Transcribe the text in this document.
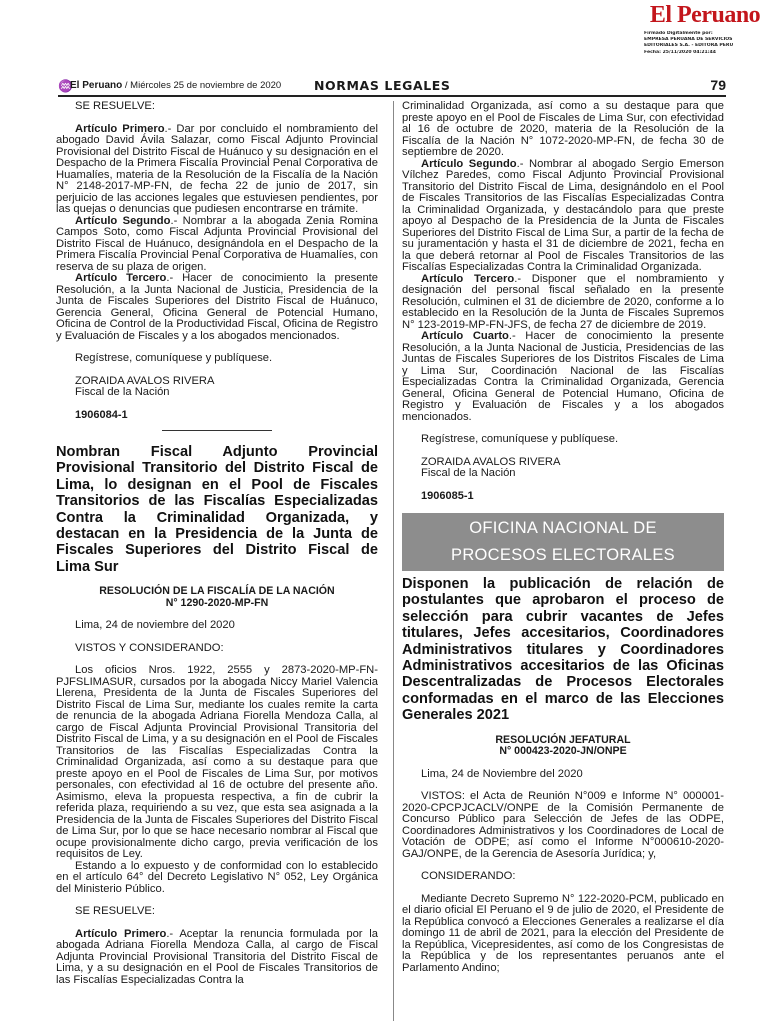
El Peruano
Firmado Digitalmente por:
EMPRESA PERUANA DE SERVICIOS
EDITORIALES S.A. - EDITORA PERU
Fecha: 25/11/2020 04:21:44
♒
El Peruano / Miércoles 25 de noviembre de 2020	NORMAS LEGALES	79

SE RESUELVE:

Artículo Primero.- Dar por concluido el nombramiento del abogado David Ávila Salazar, como Fiscal Adjunto Provincial Provisional del Distrito Fiscal de Huánuco y su designación en el Despacho de la Primera Fiscalía Provincial Penal Corporativa de Huamalíes, materia de la Resolución de la Fiscalía de la Nación N° 2148-2017-MP-FN, de fecha 22 de junio de 2017, sin perjuicio de las acciones legales que estuviesen pendientes, por las quejas o denuncias que pudiesen encontrarse en trámite.

Artículo Segundo.- Nombrar a la abogada Zenia Romina Campos Soto, como Fiscal Adjunta Provincial Provisional del Distrito Fiscal de Huánuco, designándola en el Despacho de la Primera Fiscalía Provincial Penal Corporativa de Huamalíes, con reserva de su plaza de origen.

Artículo Tercero.- Hacer de conocimiento la presente Resolución, a la Junta Nacional de Justicia, Presidencia de la Junta de Fiscales Superiores del Distrito Fiscal de Huánuco, Gerencia General, Oficina General de Potencial Humano, Oficina de Control de la Productividad Fiscal, Oficina de Registro y Evaluación de Fiscales y a los abogados mencionados.

Regístrese, comuníquese y publíquese.

ZORAIDA AVALOS RIVERA

Fiscal de la Nación

1906084-1

Nombran Fiscal Adjunto Provincial Provisional Transitorio del Distrito Fiscal de Lima, lo designan en el Pool de Fiscales Transitorios de las Fiscalías Especializadas Contra la Criminalidad Organizada, y destacan en la Presidencia de la Junta de Fiscales Superiores del Distrito Fiscal de Lima Sur

RESOLUCIÓN DE LA FISCALÍA DE LA NACIÓN

N° 1290-2020-MP-FN

Lima, 24 de noviembre del 2020

VISTOS Y CONSIDERANDO:

Los oficios Nros. 1922, 2555 y 2873-2020-MP-FN-PJFSLIMASUR, cursados por la abogada Niccy Mariel Valencia Llerena, Presidenta de la Junta de Fiscales Superiores del Distrito Fiscal de Lima Sur, mediante los cuales remite la carta de renuncia de la abogada Adriana Fiorella Mendoza Calla, al cargo de Fiscal Adjunta Provincial Provisional Transitoria del Distrito Fiscal de Lima, y a su designación en el Pool de Fiscales Transitorios de las Fiscalías Especializadas Contra la Criminalidad Organizada, así como a su destaque para que preste apoyo en el Pool de Fiscales de Lima Sur, por motivos personales, con efectividad al 16 de octubre del presente año. Asimismo, eleva la propuesta respectiva, a fin de cubrir la referida plaza, requiriendo a su vez, que esta sea asignada a la Presidencia de la Junta de Fiscales Superiores del Distrito Fiscal de Lima Sur, por lo que se hace necesario nombrar al Fiscal que ocupe provisionalmente dicho cargo, previa verificación de los requisitos de Ley.

Estando a lo expuesto y de conformidad con lo establecido en el artículo 64° del Decreto Legislativo N° 052, Ley Orgánica del Ministerio Público.

SE RESUELVE:

Artículo Primero.- Aceptar la renuncia formulada por la abogada Adriana Fiorella Mendoza Calla, al cargo de Fiscal Adjunta Provincial Provisional Transitoria del Distrito Fiscal de Lima, y a su designación en el Pool de Fiscales Transitorios de las Fiscalías Especializadas Contra la

Criminalidad Organizada, así como a su destaque para que preste apoyo en el Pool de Fiscales de Lima Sur, con efectividad al 16 de octubre de 2020, materia de la Resolución de la Fiscalía de la Nación N° 1072-2020-MP-FN, de fecha 30 de septiembre de 2020.

Artículo Segundo.- Nombrar al abogado Sergio Emerson Vílchez Paredes, como Fiscal Adjunto Provincial Provisional Transitorio del Distrito Fiscal de Lima, designándolo en el Pool de Fiscales Transitorios de las Fiscalías Especializadas Contra la Criminalidad Organizada, y destacándolo para que preste apoyo al Despacho de la Presidencia de la Junta de Fiscales Superiores del Distrito Fiscal de Lima Sur, a partir de la fecha de su juramentación y hasta el 31 de diciembre de 2021, fecha en la que deberá retornar al Pool de Fiscales Transitorios de las Fiscalías Especializadas Contra la Criminalidad Organizada.

Artículo Tercero.- Disponer que el nombramiento y designación del personal fiscal señalado en la presente Resolución, culminen el 31 de diciembre de 2020, conforme a lo establecido en la Resolución de la Junta de Fiscales Supremos N° 123-2019-MP-FN-JFS, de fecha 27 de diciembre de 2019.

Artículo Cuarto.- Hacer de conocimiento la presente Resolución, a la Junta Nacional de Justicia, Presidencias de las Juntas de Fiscales Superiores de los Distritos Fiscales de Lima y Lima Sur, Coordinación Nacional de las Fiscalías Especializadas Contra la Criminalidad Organizada, Gerencia General, Oficina General de Potencial Humano, Oficina de Registro y Evaluación de Fiscales y a los abogados mencionados.

Regístrese, comuníquese y publíquese.

ZORAIDA AVALOS RIVERA

Fiscal de la Nación

1906085-1

OFICINA NACIONAL DE
PROCESOS ELECTORALES

Disponen la publicación de relación de postulantes que aprobaron el proceso de selección para cubrir vacantes de Jefes titulares, Jefes accesitarios, Coordinadores Administrativos titulares y Coordinadores Administrativos accesitarios de las Oficinas Descentralizadas de Procesos Electorales conformadas en el marco de las Elecciones Generales 2021

RESOLUCIÓN JEFATURAL

N° 000423-2020-JN/ONPE

Lima, 24 de Noviembre del 2020

VISTOS: el Acta de Reunión N°009 e Informe N° 000001-2020-CPCPJCACLV/ONPE de la Comisión Permanente de Concurso Público para Selección de Jefes de las ODPE, Coordinadores Administrativos y los Coordinadores de Local de Votación de ODPE; así como el Informe N°000610-2020-GAJ/ONPE, de la Gerencia de Asesoría Jurídica; y,

CONSIDERANDO:

Mediante Decreto Supremo N° 122-2020-PCM, publicado en el diario oficial El Peruano el 9 de julio de 2020, el Presidente de la República convocó a Elecciones Generales a realizarse el día domingo 11 de abril de 2021, para la elección del Presidente de la República, Vicepresidentes, así como de los Congresistas de la República y de los representantes peruanos ante el Parlamento Andino;
